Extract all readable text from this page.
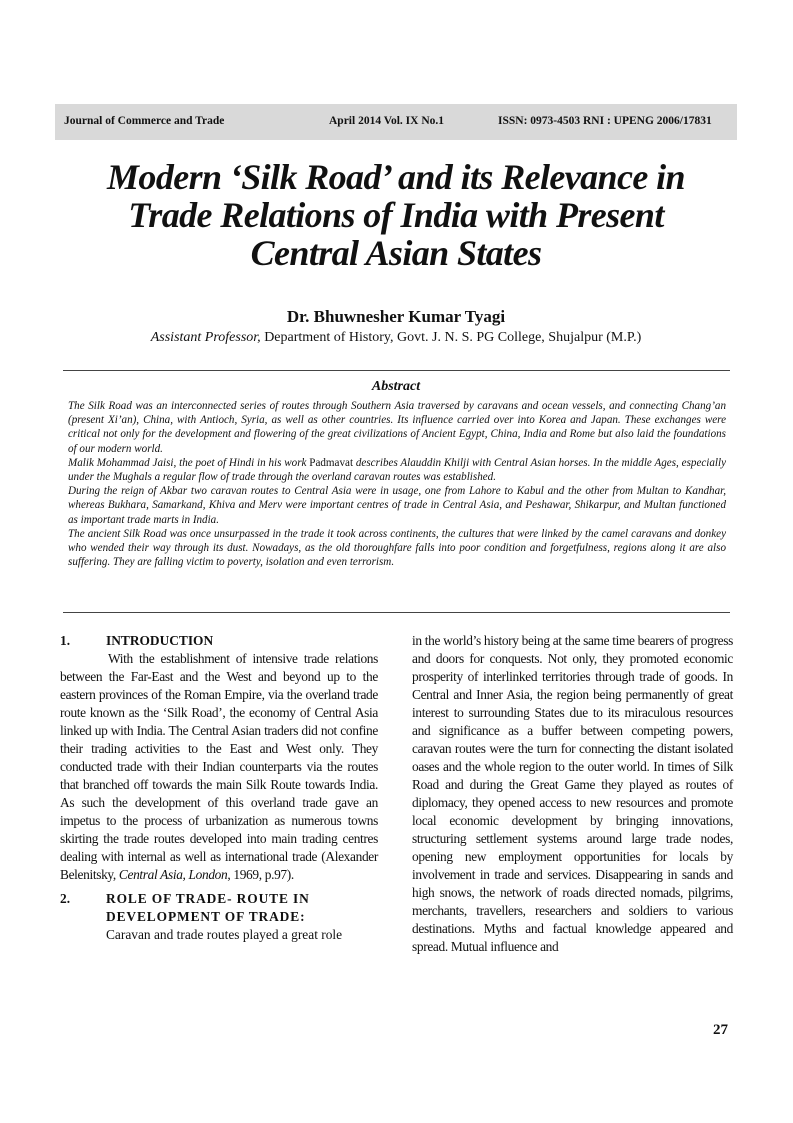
Journal of Commerce and Trade	April 2014 Vol. IX No.1	ISSN: 0973-4503 RNI : UPENG 2006/17831
Modern ‘Silk Road’ and its Relevance in
Trade Relations of India with Present
Central Asian States

Dr. Bhuwnesher Kumar Tyagi

Assistant Professor, Department of History, Govt. J. N. S. PG College, Shujalpur (M.P.)

Abstract

The Silk Road was an interconnected series of routes through Southern Asia traversed by caravans and ocean vessels, and connecting Chang’an (present Xi’an), China, with Antioch, Syria, as well as other countries. Its influence carried over into Korea and Japan. These exchanges were critical not only for the development and flowering of the great civilizations of Ancient Egypt, China, India and Rome but also laid the foundations of our modern world.

Malik Mohammad Jaisi, the poet of Hindi in his work Padmavat describes Alauddin Khilji with Central Asian horses. In the middle Ages, especially under the Mughals a regular flow of trade through the overland caravan routes was established.

During the reign of Akbar two caravan routes to Central Asia were in usage, one from Lahore to Kabul and the other from Multan to Kandhar, whereas Bukhara, Samarkand, Khiva and Merv were important centres of trade in Central Asia, and Peshawar, Shikarpur, and Multan functioned as important trade marts in India.

The ancient Silk Road was once unsurpassed in the trade it took across continents, the cultures that were linked by the camel caravans and donkey who wended their way through its dust. Nowadays, as the old thoroughfare falls into poor condition and forgetfulness, regions along it are also suffering. They are falling victim to poverty, isolation and even terrorism.

1.	INTRODUCTION

With the establishment of intensive trade relations between the Far-East and the West and beyond up to the eastern provinces of the Roman Empire, via the overland trade route known as the ‘Silk Road’, the economy of Central Asia linked up with India. The Central Asian traders did not confine their trading activities to the East and West only. They conducted trade with their Indian counterparts via the routes that branched off towards the main Silk Route towards India. As such the development of this overland trade gave an impetus to the process of urbanization as numerous towns skirting the trade routes developed into main trading centres dealing with internal as well as international trade (Alexander Belenitsky, Central Asia, London, 1969, p.97).

2.	ROLE OF TRADE- ROUTE IN DEVELOPMENT OF TRADE:

Caravan and trade routes played a great role

in the world’s history being at the same time bearers of progress and doors for conquests. Not only, they promoted economic prosperity of interlinked territories through trade of goods. In Central and Inner Asia, the region being permanently of great interest to surrounding States due to its miraculous resources and significance as a buffer between competing powers, caravan routes were the turn for connecting the distant isolated oases and the whole region to the outer world. In times of Silk Road and during the Great Game they played as routes of diplomacy, they opened access to new resources and promote local economic development by bringing innovations, structuring settlement systems around large trade nodes, opening new employment opportunities for locals by involvement in trade and services. Disappearing in sands and high snows, the network of roads directed nomads, pilgrims, merchants, travellers, researchers and soldiers to various destinations. Myths and factual knowledge appeared and spread. Mutual influence and

27
